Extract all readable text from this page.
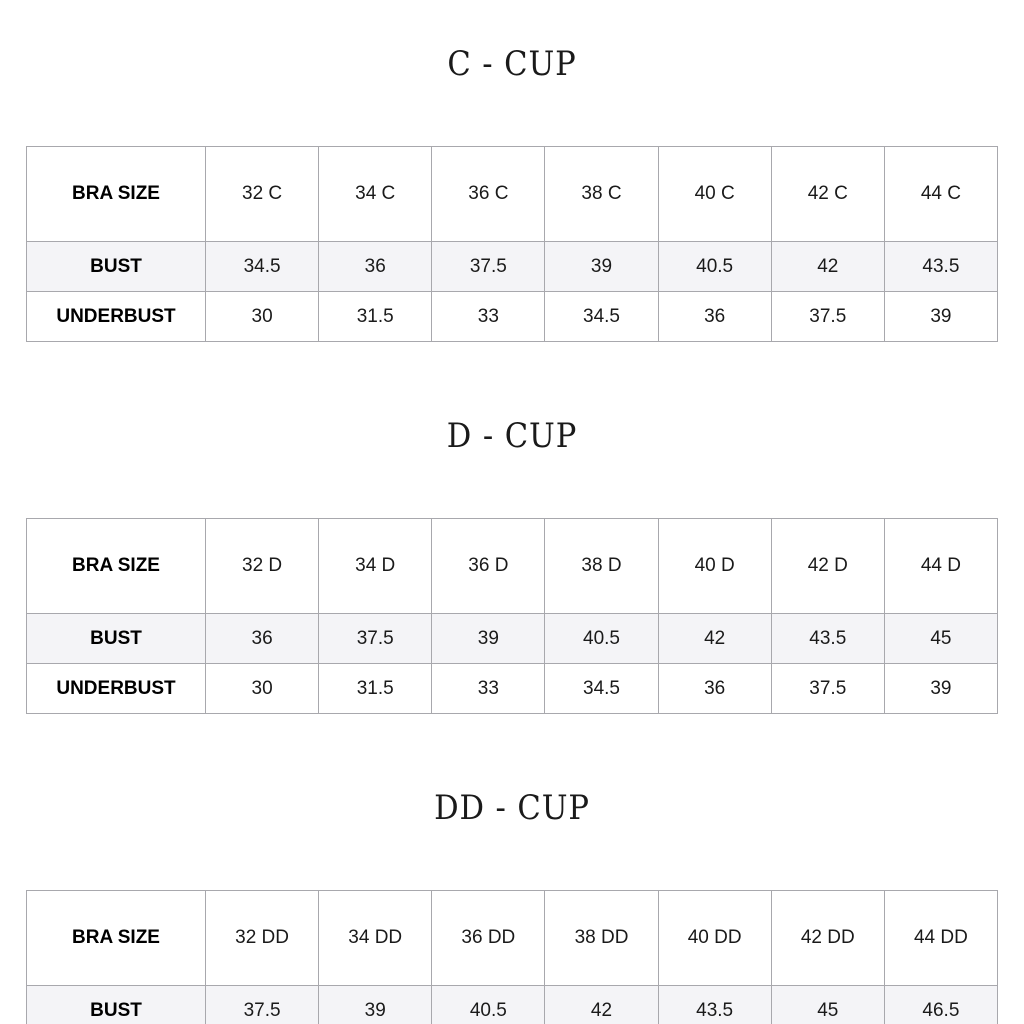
C - CUP
BRA SIZE	32 C	34 C	36 C	38 C	40 C	42 C	44 C
BUST	34.5	36	37.5	39	40.5	42	43.5
UNDERBUST	30	31.5	33	34.5	36	37.5	39
D - CUP
BRA SIZE	32 D	34 D	36 D	38 D	40 D	42 D	44 D
BUST	36	37.5	39	40.5	42	43.5	45
UNDERBUST	30	31.5	33	34.5	36	37.5	39
DD - CUP
BRA SIZE	32 DD	34 DD	36 DD	38 DD	40 DD	42 DD	44 DD
BUST	37.5	39	40.5	42	43.5	45	46.5
